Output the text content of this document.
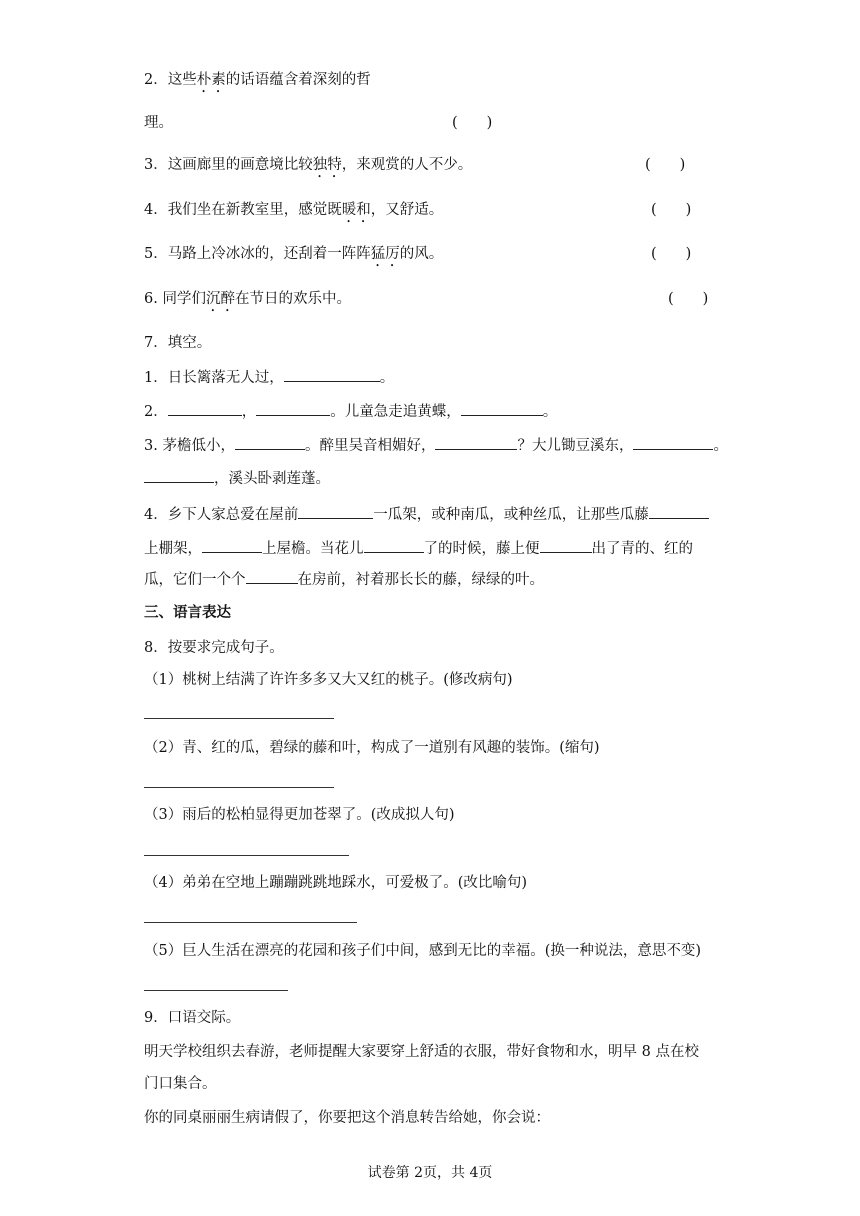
2．这些朴素的话语蕴含着深刻的哲
理。	(　　)
3．这画廊里的画意境比较独特，来观赏的人不少。	(　　)
4．我们坐在新教室里，感觉既暖和，又舒适。	(　　)
5．马路上冷冰冰的，还刮着一阵阵猛厉的风。	(　　)
6. 同学们沉醉在节日的欢乐中。	(　　)
7．填空。
1．日长篱落无人过，	。
2．	，	。儿童急走追黄蝶，	。
3. 茅檐低小，	。醉里吴音相媚好，	？大儿锄豆溪东，	。
，溪头卧剥莲蓬。
4．乡下人家总爱在屋前	一瓜架，或种南瓜，或种丝瓜，让那些瓜藤
上棚架，	上屋檐。当花儿	了的时候，藤上便	出了青的、红的
瓜，它们一个个	在房前，衬着那长长的藤，绿绿的叶。
三、语言表达
8．按要求完成句子。
（1）桃树上结满了许许多多又大又红的桃子。(修改病句)
（2）青、红的瓜，碧绿的藤和叶，构成了一道别有风趣的装饰。(缩句)
（3）雨后的松柏显得更加苍翠了。(改成拟人句)
（4）弟弟在空地上蹦蹦跳跳地踩水，可爱极了。(改比喻句)
（5）巨人生活在漂亮的花园和孩子们中间，感到无比的幸福。(换一种说法，意思不变)
9．口语交际。
明天学校组织去春游，老师提醒大家要穿上舒适的衣服，带好食物和水，明早 8 点在校
门口集合。
你的同桌丽丽生病请假了，你要把这个消息转告给她，你会说：
试卷第 2页，共 4页
